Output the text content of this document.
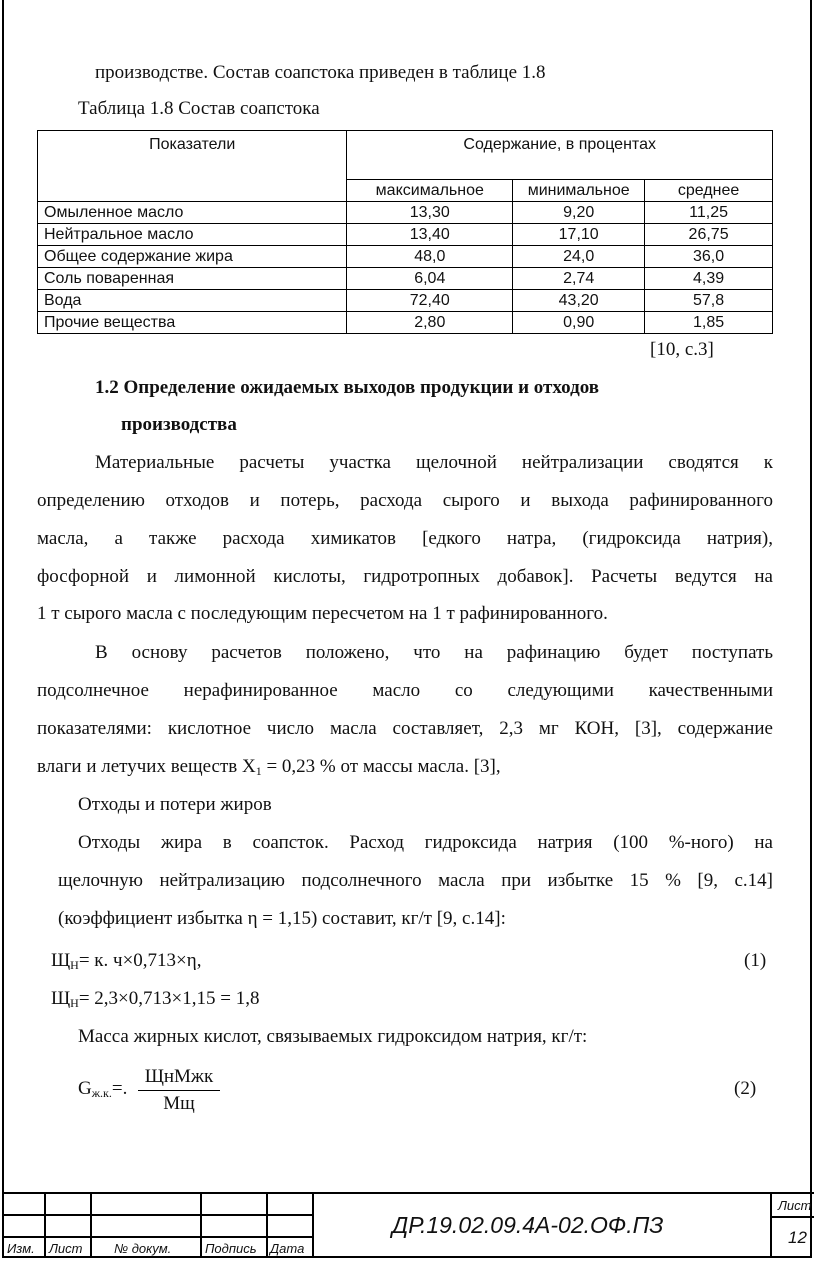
производстве. Состав соапстока приведен в таблице 1.8
Таблица 1.8 Состав соапстока
Показатели	Содержание, в процентах		
	максимальное	минимальное	среднее
Омыленное масло	13,30	9,20	11,25
Нейтральное масло	13,40	17,10	26,75
Общее содержание жира	48,0	24,0	36,0
Соль поваренная	6,04	2,74	4,39
Вода	72,40	43,20	57,8
Прочие вещества	2,80	0,90	1,85
[10, с.3]
1.2 Определение ожидаемых выходов продукции и отходов
производства
Материальные расчеты участка щелочной нейтрализации сводятся к
определению отходов и потерь, расхода сырого и выхода рафинированного
масла, а также расхода химикатов [едкого натра, (гидроксида натрия),
фосфорной и лимонной кислоты, гидротропных добавок]. Расчеты ведутся на
1 т сырого масла с последующим пересчетом на 1 т рафинированного.
В основу расчетов положено, что на рафинацию будет поступать
подсолнечное нерафинированное масло со следующими качественными
показателями: кислотное число масла составляет, 2,3 мг КОН, [3], содержание
влаги и летучих веществ $X_1 = 0,23$ % от массы масла. [3],
Отходы и потери жиров
Отходы жира в соапсток. Расход гидроксида натрия (100 %-ного) на
щелочную нейтрализацию подсолнечного масла при избытке 15 % [9, с.14]
(коэффициент избытка η = 1,15) составит, кг/т [9, с.14]:
$Щ_Н= к$. ч×0,713×η,	(1)
$Щ_Н= 2,3\times 0,713\times 1,15 = 1,8$
Масса жирных кислот, связываемых гидроксидом натрия, кг/т:
$G_{ж.к.}=$.
ЩнМжк
Мщ
(2)
Изм. Лист № докум.	Подпись Дата
ДР.19.02.09.4А-02.ОФ.ПЗ
Лист
12
